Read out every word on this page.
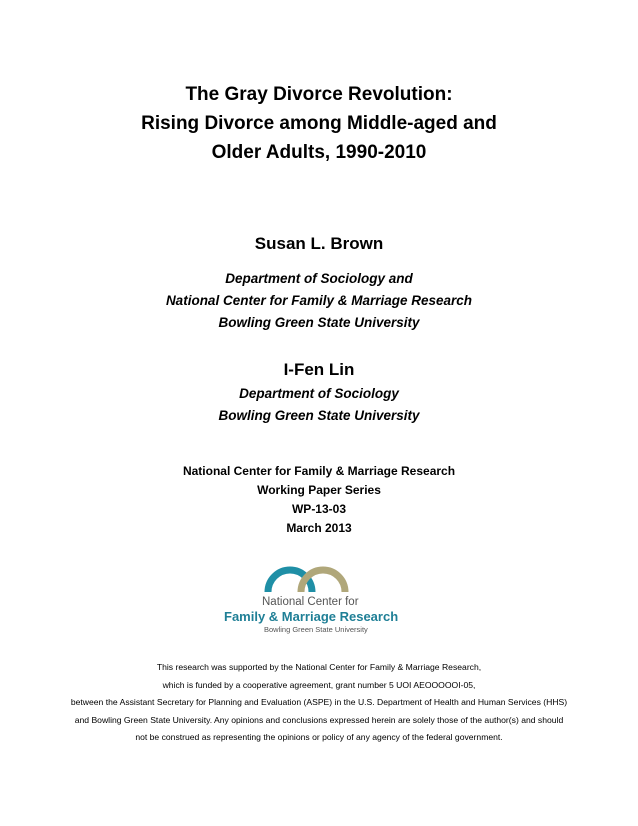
The Gray Divorce Revolution:
Rising Divorce among Middle-aged and
Older Adults, 1990-2010
Susan L. Brown
Department of Sociology and
National Center for Family & Marriage Research
Bowling Green State University
I-Fen Lin
Department of Sociology
Bowling Green State University
National Center for Family & Marriage Research
Working Paper Series
WP-13-03
March 2013
National Center for
Family & Marriage Research
Bowling Green State University
This research was supported by the National Center for Family & Marriage Research,
which is funded by a cooperative agreement, grant number 5 UOI AEOOOOOI-05,
between the Assistant Secretary for Planning and Evaluation (ASPE) in the U.S. Department of Health and Human Services (HHS)
and Bowling Green State University. Any opinions and conclusions expressed herein are solely those of the author(s) and should
not be construed as representing the opinions or policy of any agency of the federal government.
